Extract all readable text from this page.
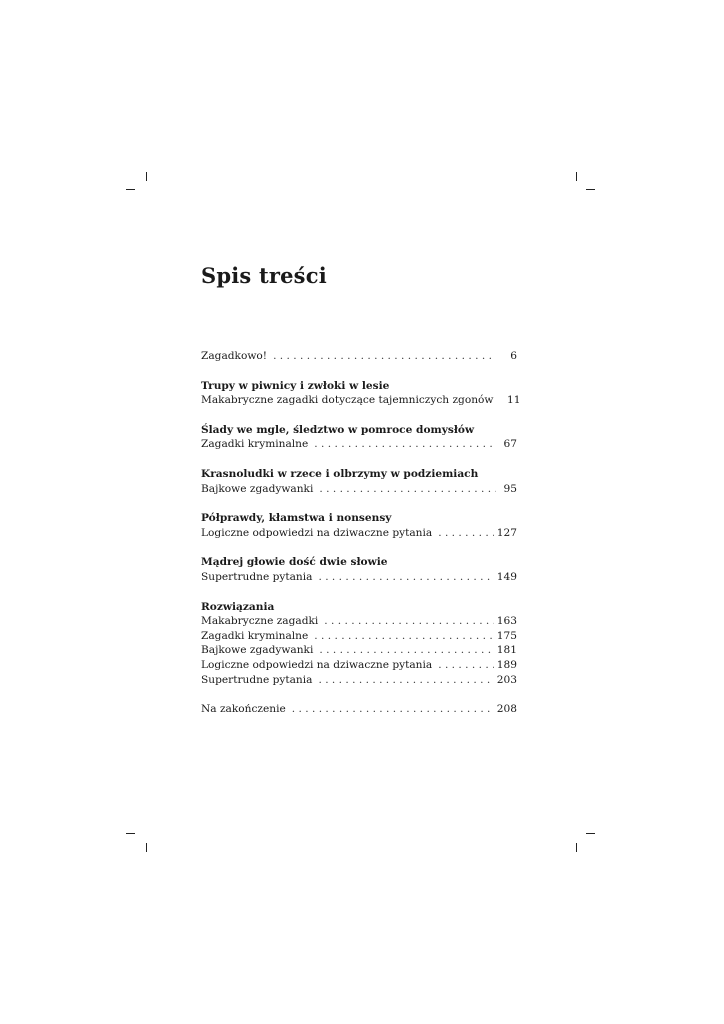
Spis treści
Zagadkowo! . . .	6
Trupy w piwnicy i zwłoki w lesie
Makabryczne zagadki dotyczące tajemniczych zgonów	11
Ślady we mgle, śledztwo w pomroce domysłów
Zagadki kryminalne . . .	67
Krasnoludki w rzece i olbrzymy w podziemiach
Bajkowe zgadywanki . . .	95
Półprawdy, kłamstwa i nonsensy
Logiczne odpowiedzi na dziwaczne pytania . . .	127
Mądrej głowie dość dwie słowie
Supertrudne pytania . . .	149
Rozwiązania
Makabryczne zagadki . . .	163
Zagadki kryminalne . . .	175
Bajkowe zgadywanki . . .	181
Logiczne odpowiedzi na dziwaczne pytania . . .	189
Supertrudne pytania . . .	203
Na zakończenie . . .	208
